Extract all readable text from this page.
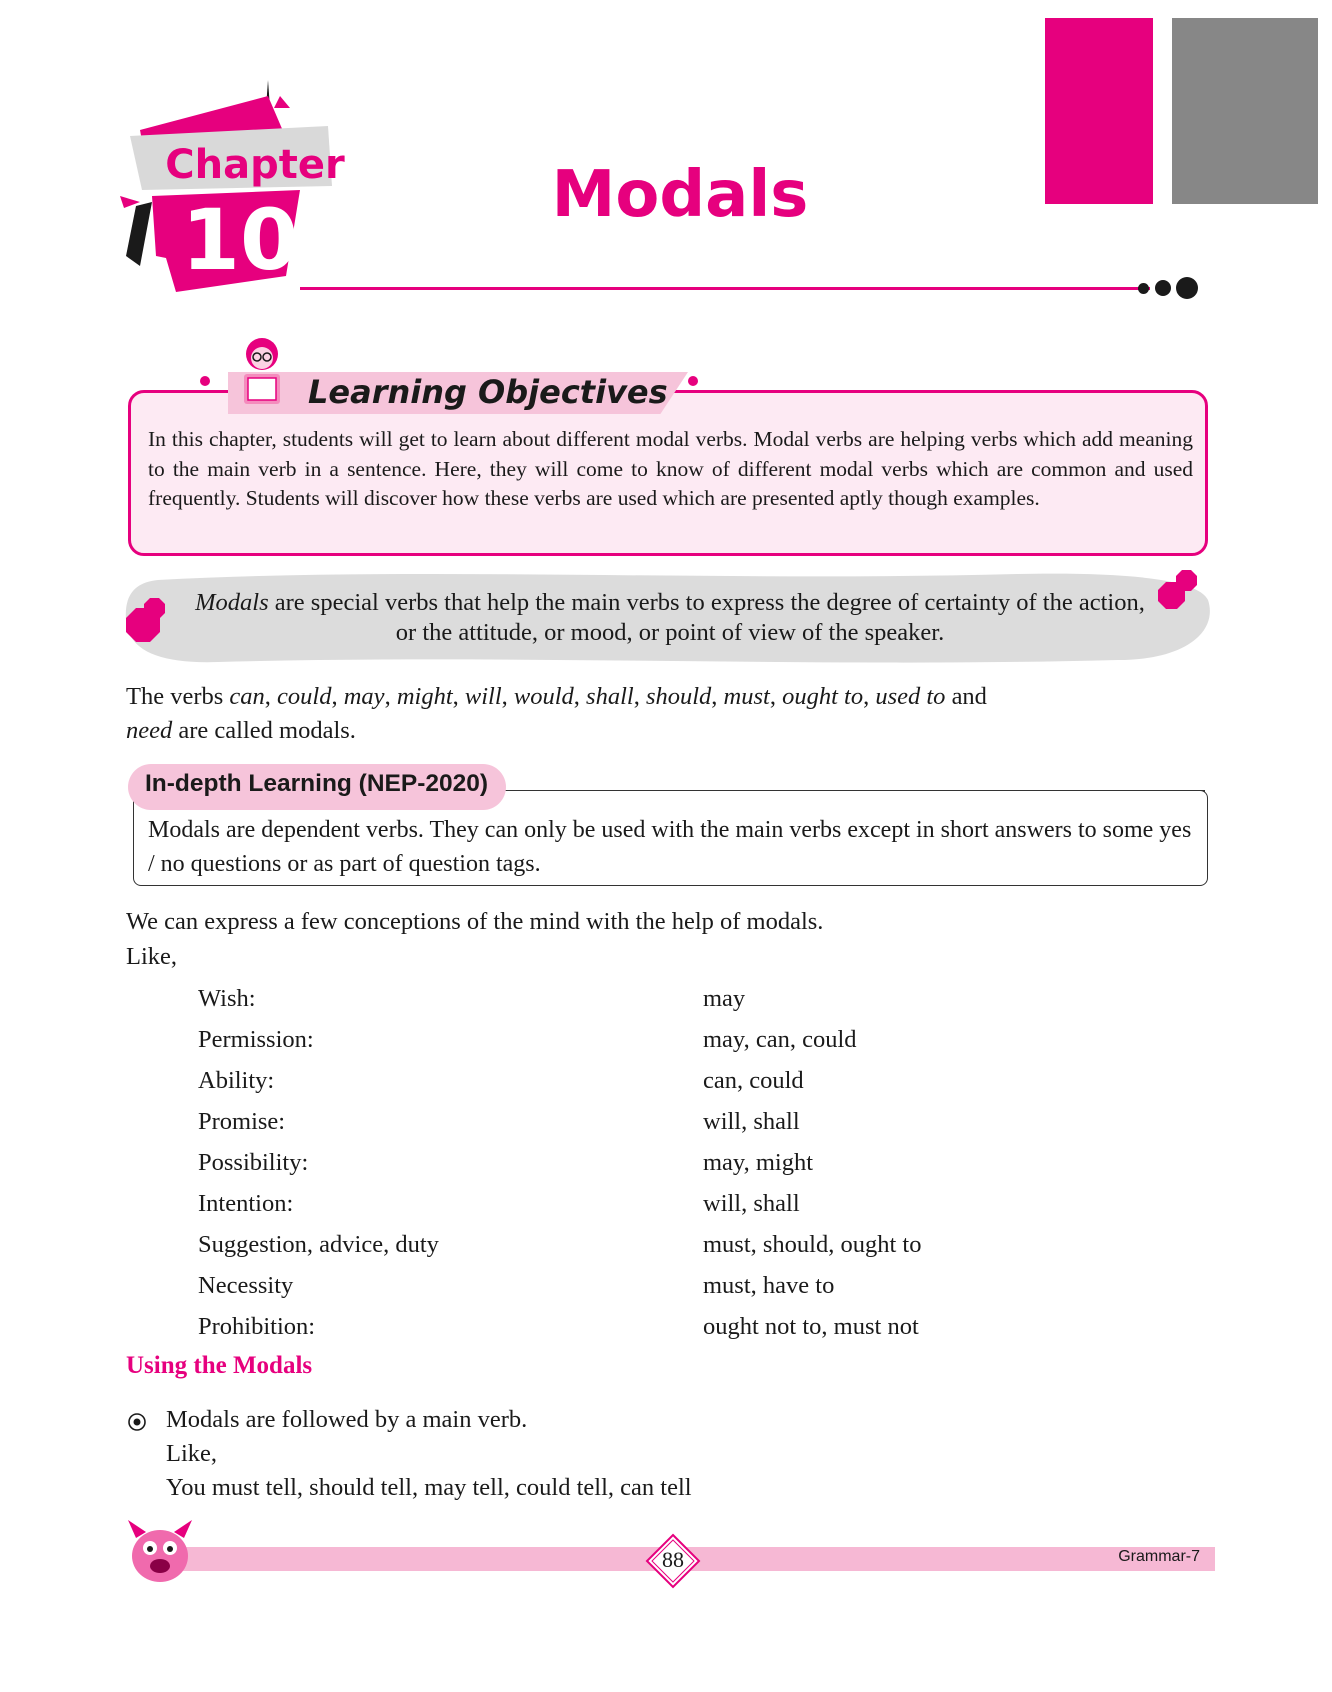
Chapter
10	Modals
Learning Objectives
In this chapter, students will get to learn about different modal verbs. Modal verbs are helping verbs which add meaning to the main verb in a sentence. Here, they will come to know of different modal verbs which are common and used frequently. Students will discover how these verbs are used which are presented aptly though examples.
Modals are special verbs that help the main verbs to express the degree of certainty of the action, or the attitude, or mood, or point of view of the speaker.
The verbs can, could, may, might, will, would, shall, should, must, ought to, used to and
need are called modals.
In-depth Learning (NEP-2020)
Modals are dependent verbs. They can only be used with the main verbs except in short answers to some yes / no questions or as part of question tags.
We can express a few conceptions of the mind with the help of modals.
Like,
Wish:	may
Permission:	may, can, could
Ability:	can, could
Promise:	will, shall
Possibility:	may, might
Intention:	will, shall
Suggestion, advice, duty	must, should, ought to
Necessity	must, have to
Prohibition:	ought not to, must not
Using the Modals
Modals are followed by a main verb.
Like,
You must tell, should tell, may tell, could tell, can tell
88	Grammar-7
